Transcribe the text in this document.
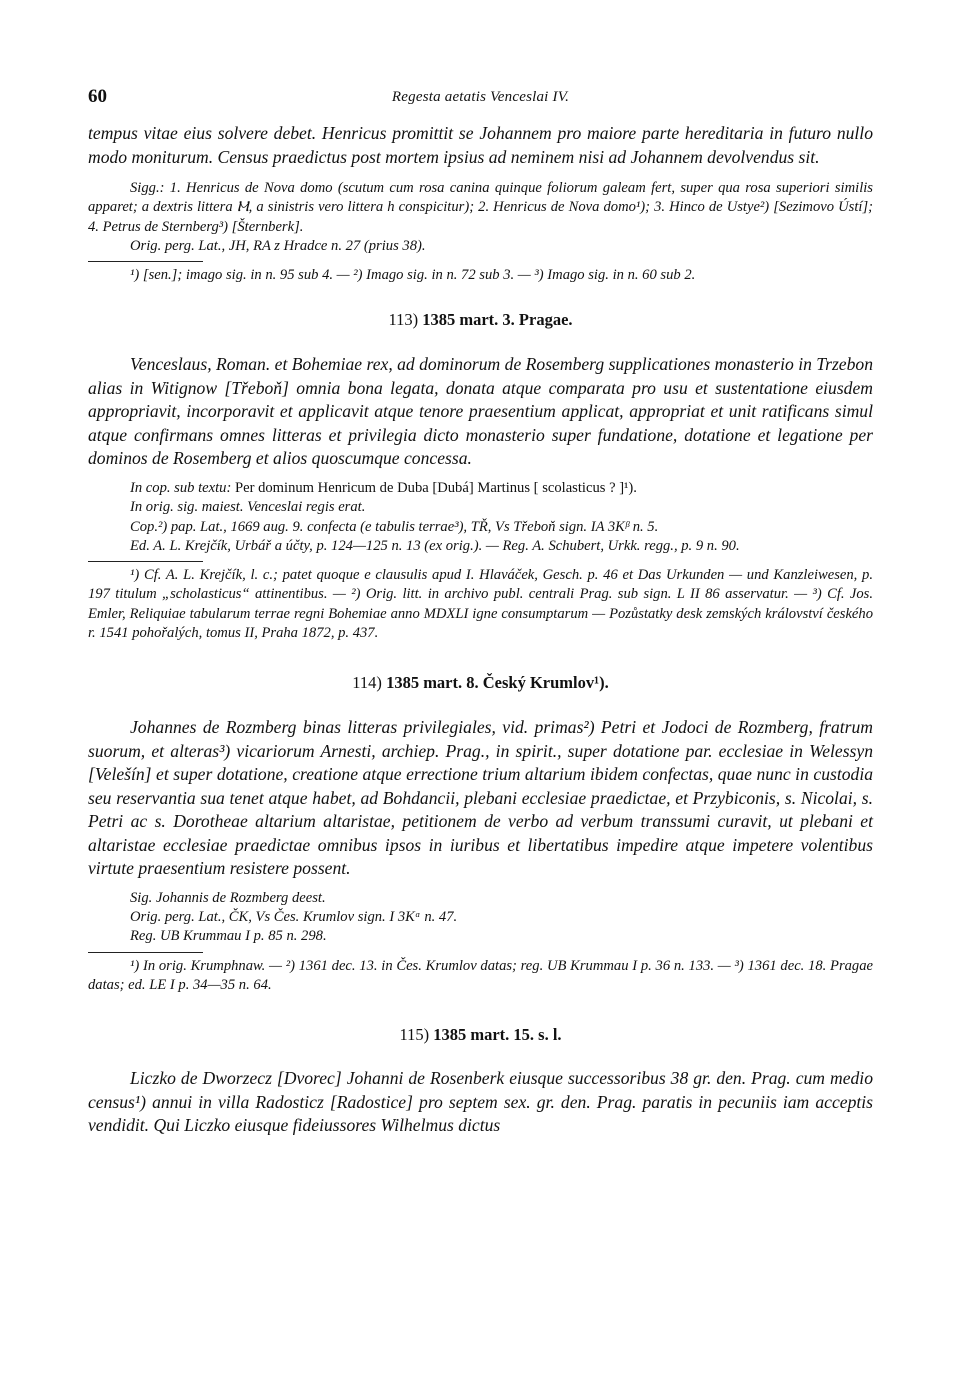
60	Regesta aetatis Venceslai IV.

tempus vitae eius solvere debet. Henricus promittit se Johannem pro maiore parte hereditaria in futuro nullo modo moniturum. Census praedictus post mortem ipsius ad neminem nisi ad Johannem devolvendus sit.

Sigg.: 1. Henricus de Nova domo (scutum cum rosa canina quinque foliorum galeam fert, super qua rosa superiori similis apparet; a dextris littera Ⲙ, a sinistris vero littera h conspicitur); 2. Henricus de Nova domo¹); 3. Hinco de Ustye²) [Sezimovo Ústí]; 4. Petrus de Sternberg³) [Šternberk].

Orig. perg. Lat., JH, RA z Hradce n. 27 (prius 38).

¹) [sen.]; imago sig. in n. 95 sub 4. — ²) Imago sig. in n. 72 sub 3. — ³) Imago sig. in n. 60 sub 2.

113) 1385 mart. 3. Pragae.

Venceslaus, Roman. et Bohemiae rex, ad dominorum de Rosemberg supplicationes monasterio in Trzebon alias in Witignow [Třeboň] omnia bona legata, donata atque comparata pro usu et sustentatione eiusdem appropriavit, incorporavit et applicavit atque tenore praesentium applicat, appropriat et unit ratificans simul atque confirmans omnes litteras et privilegia dicto monasterio super fundatione, dotatione et legatione per dominos de Rosemberg et alios quoscumque concessa.

In cop. sub textu: Per dominum Henricum de Duba [Dubá] Martinus [ scolasticus ? ]¹).

In orig. sig. maiest. Venceslai regis erat.

Cop.²) pap. Lat., 1669 aug. 9. confecta (e tabulis terrae³), TŘ, Vs Třeboň sign. IA 3Kᵝ n. 5.

Ed. A. L. Krejčík, Urbář a účty, p. 124—125 n. 13 (ex orig.). — Reg. A. Schubert, Urkk. regg., p. 9 n. 90.

¹) Cf. A. L. Krejčík, l. c.; patet quoque e clausulis apud I. Hlaváček, Gesch. p. 46 et Das Urkunden — und Kanzleiwesen, p. 197 titulum „scholasticus“ attinentibus. — ²) Orig. litt. in archivo publ. centrali Prag. sub sign. L II 86 asservatur. — ³) Cf. Jos. Emler, Reliquiae tabularum terrae regni Bohemiae anno MDXLI igne consumptarum — Pozůstatky desk zemských království českého r. 1541 pohořalých, tomus II, Praha 1872, p. 437.

114) 1385 mart. 8. Český Krumlov¹).

Johannes de Rozmberg binas litteras privilegiales, vid. primas²) Petri et Jodoci de Rozmberg, fratrum suorum, et alteras³) vicariorum Arnesti, archiep. Prag., in spirit., super dotatione par. ecclesiae in Welessyn [Velešín] et super dotatione, creatione atque errectione trium altarium ibidem confectas, quae nunc in custodia seu reservantia sua tenet atque habet, ad Bohdancii, plebani ecclesiae praedictae, et Przybiconis, s. Nicolai, s. Petri ac s. Dorotheae altarium altaristae, petitionem de verbo ad verbum transsumi curavit, ut plebani et altaristae ecclesiae praedictae omnibus ipsos in iuribus et libertatibus impedire atque impetere volentibus virtute praesentium resistere possent.

Sig. Johannis de Rozmberg deest.

Orig. perg. Lat., ČK, Vs Čes. Krumlov sign. I 3Kᵅ n. 47.

Reg. UB Krummau I p. 85 n. 298.

¹) In orig. Krumphnaw. — ²) 1361 dec. 13. in Čes. Krumlov datas; reg. UB Krummau I p. 36 n. 133. — ³) 1361 dec. 18. Pragae datas; ed. LE I p. 34—35 n. 64.

115) 1385 mart. 15. s. l.

Liczko de Dworzecz [Dvorec] Johanni de Rosenberk eiusque successoribus 38 gr. den. Prag. cum medio census¹) annui in villa Radosticz [Radostice] pro septem sex. gr. den. Prag. paratis in pecuniis iam acceptis vendidit. Qui Liczko eiusque fideiussores Wilhelmus dictus
